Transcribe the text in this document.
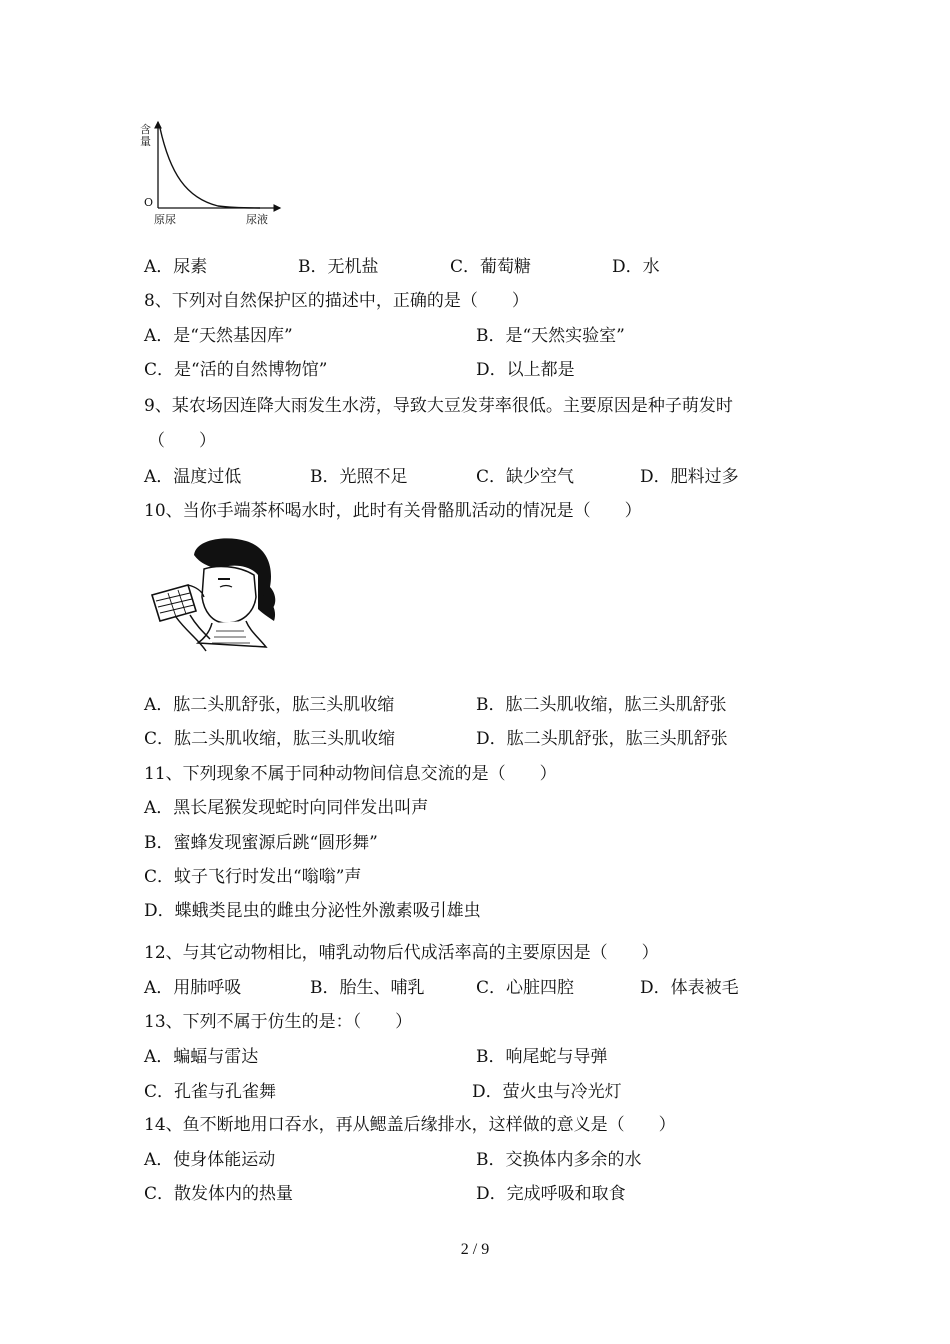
含量
O
原尿	尿液
A．尿素	B．无机盐	C．葡萄糖	D．水
8、下列对自然保护区的描述中，正确的是（　　）
A．是“天然基因库”	B．是“天然实验室”
C．是“活的自然博物馆”	D．以上都是
9、某农场因连降大雨发生水涝，导致大豆发芽率很低。主要原因是种子萌发时
（　　）
A．温度过低	B．光照不足	C．缺少空气	D．肥料过多
10、当你手端茶杯喝水时，此时有关骨骼肌活动的情况是（　　）
A．肱二头肌舒张，肱三头肌收缩	B．肱二头肌收缩，肱三头肌舒张
C．肱二头肌收缩，肱三头肌收缩	D．肱二头肌舒张，肱三头肌舒张
11、下列现象不属于同种动物间信息交流的是（　　）
A．黑长尾猴发现蛇时向同伴发出叫声
B．蜜蜂发现蜜源后跳“圆形舞”
C．蚊子飞行时发出“嗡嗡”声
D．蝶蛾类昆虫的雌虫分泌性外激素吸引雄虫
12、与其它动物相比，哺乳动物后代成活率高的主要原因是（　　）
A．用肺呼吸	B．胎生、哺乳	C．心脏四腔	D．体表被毛
13、下列不属于仿生的是：（　　）
A．蝙蝠与雷达	B．响尾蛇与导弹
C．孔雀与孔雀舞	D．萤火虫与冷光灯
14、鱼不断地用口吞水，再从鳃盖后缘排水，这样做的意义是（　　）
A．使身体能运动	B．交换体内多余的水
C．散发体内的热量	D．完成呼吸和取食
2 / 9
